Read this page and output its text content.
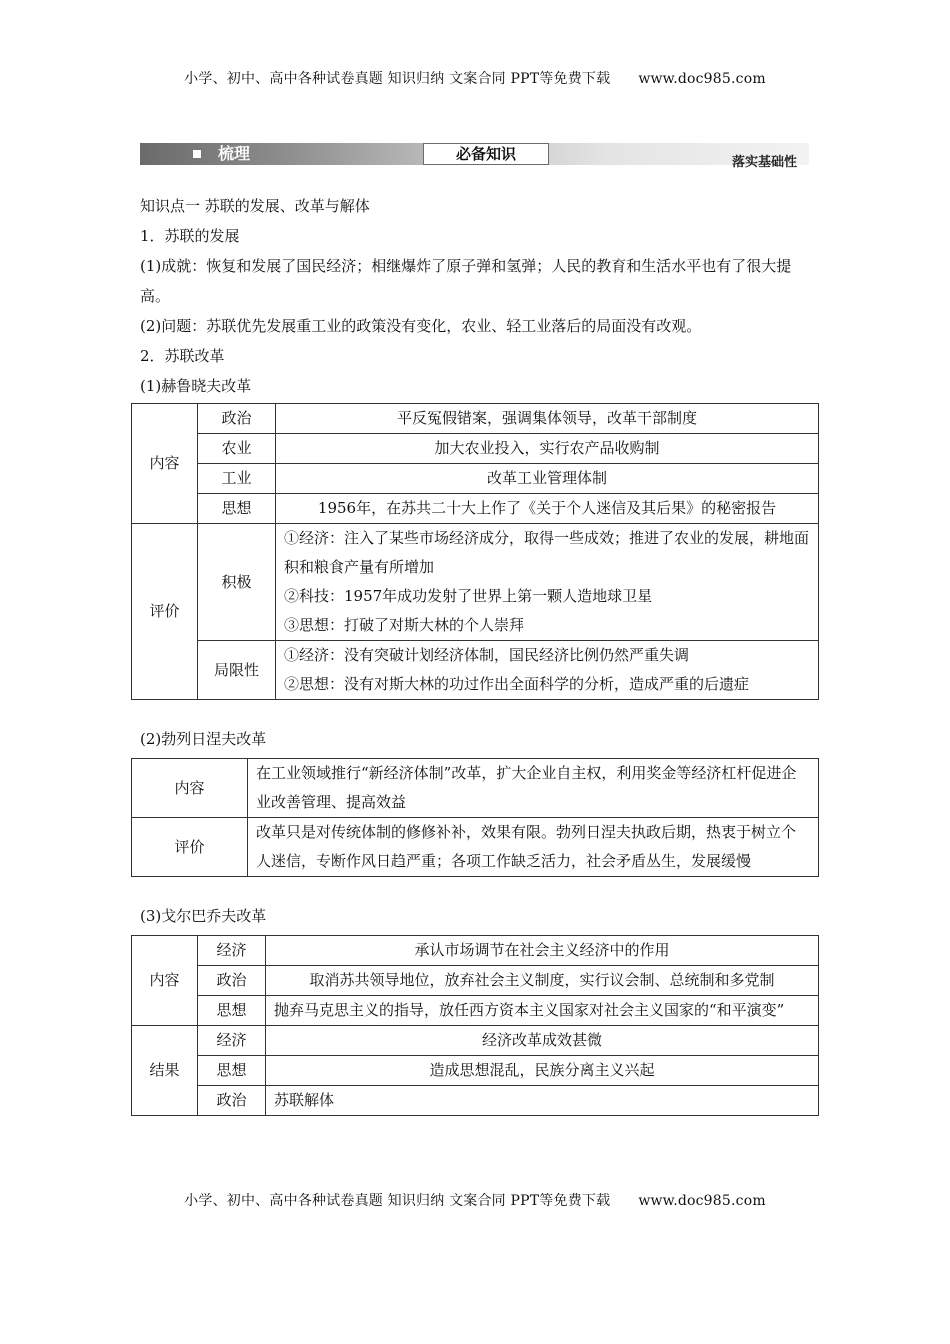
小学、初中、高中各种试卷真题 知识归纳 文案合同 PPT等免费下载 www.doc985.com
梳理	必备知识	落实基础性

知识点一 苏联的发展、改革与解体

1．苏联的发展

(1)成就：恢复和发展了国民经济；相继爆炸了原子弹和氢弹；人民的教育和生活水平也有了很大提高。

(2)问题：苏联优先发展重工业的政策没有变化，农业、轻工业落后的局面没有改观。

2．苏联改革

(1)赫鲁晓夫改革

内容	政治	平反冤假错案，强调集体领导，改革干部制度
	农业	加大农业投入，实行农产品收购制
	工业	改革工业管理体制
	思想	1956年，在苏共二十大上作了《关于个人迷信及其后果》的秘密报告
评价	积极	①经济：注入了某些市场经济成分，取得一些成效；推进了农业的发展，耕地面积和粮食产量有所增加
②科技：1957年成功发射了世界上第一颗人造地球卫星
③思想：打破了对斯大林的个人崇拜

	局限性	①经济：没有突破计划经济体制，国民经济比例仍然严重失调
②思想：没有对斯大林的功过作出全面科学的分析，造成严重的后遗症

(2)勃列日涅夫改革

内容	在工业领域推行“新经济体制”改革，扩大企业自主权，利用奖金等经济杠杆促进企业改善管理、提高效益
评价	改革只是对传统体制的修修补补，效果有限。勃列日涅夫执政后期，热衷于树立个人迷信，专断作风日趋严重；各项工作缺乏活力，社会矛盾丛生，发展缓慢

(3)戈尔巴乔夫改革

内容	经济	承认市场调节在社会主义经济中的作用
	政治	取消苏共领导地位，放弃社会主义制度，实行议会制、总统制和多党制
	思想	抛弃马克思主义的指导，放任西方资本主义国家对社会主义国家的“和平演变”
结果	经济	经济改革成效甚微
	思想	造成思想混乱，民族分离主义兴起
	政治	苏联解体
小学、初中、高中各种试卷真题 知识归纳 文案合同 PPT等免费下载 www.doc985.com
